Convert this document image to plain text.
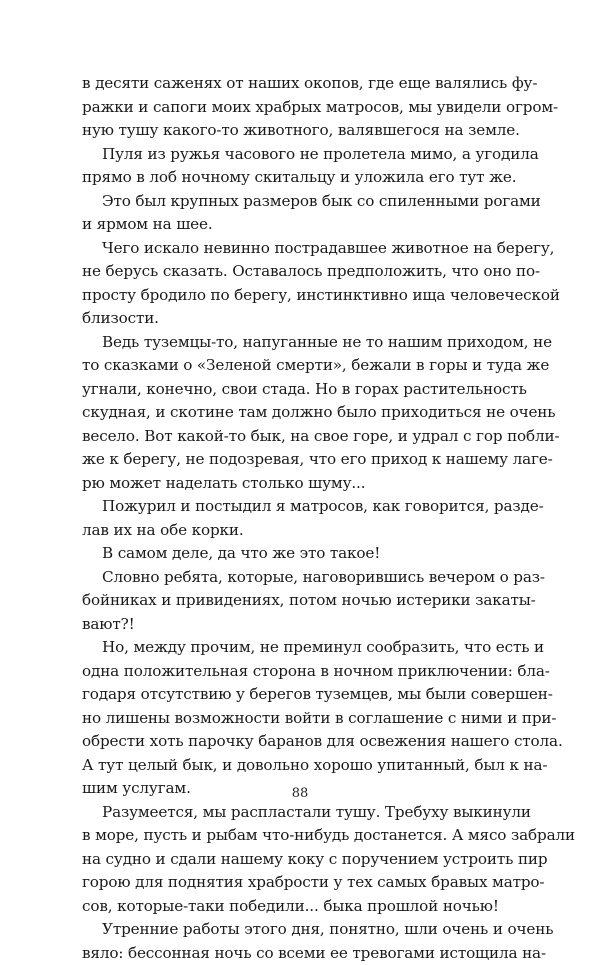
в десяти саженях от наших окопов, где еще валялись фу-
ражки и сапоги моих храбрых матросов, мы увидели огром-
ную тушу какого-то животного, валявшегося на земле.
Пуля из ружья часового не пролетела мимо, а угодила
прямо в лоб ночному скитальцу и уложила его тут же.
Это был крупных размеров бык со спиленными рогами
и ярмом на шее.
Чего искало невинно пострадавшее животное на берегу,
не берусь сказать. Оставалось предположить, что оно по-
просту бродило по берегу, инстинктивно ища человеческой
близости.
Ведь туземцы-то, напуганные не то нашим приходом, не
то сказками о «Зеленой смерти», бежали в горы и туда же
угнали, конечно, свои стада. Но в горах растительность
скудная, и скотине там должно было приходиться не очень
весело. Вот какой-то бык, на свое горе, и удрал с гор побли-
же к берегу, не подозревая, что его приход к нашему лаге-
рю может наделать столько шуму...
Пожурил и постыдил я матросов, как говорится, разде-
лав их на обе корки.
В самом деле, да что же это такое!
Словно ребята, которые, наговорившись вечером о раз-
бойниках и привидениях, потом ночью истерики закаты-
вают?!
Но, между прочим, не преминул сообразить, что есть и
одна положительная сторона в ночном приключении: бла-
годаря отсутствию у берегов туземцев, мы были совершен-
но лишены возможности войти в соглашение с ними и при-
обрести хоть парочку баранов для освежения нашего стола.
А тут целый бык, и довольно хорошо упитанный, был к на-
шим услугам.
Разумеется, мы распластали тушу. Требуху выкинули
в море, пусть и рыбам что-нибудь достанется. А мясо забрали
на судно и сдали нашему коку с поручением устроить пир
горою для поднятия храбрости у тех самых бравых матро-
сов, которые-таки победили... быка прошлой ночью!
Утренние работы этого дня, понятно, шли очень и очень
вяло: бессонная ночь со всеми ее тревогами истощила на-
88
